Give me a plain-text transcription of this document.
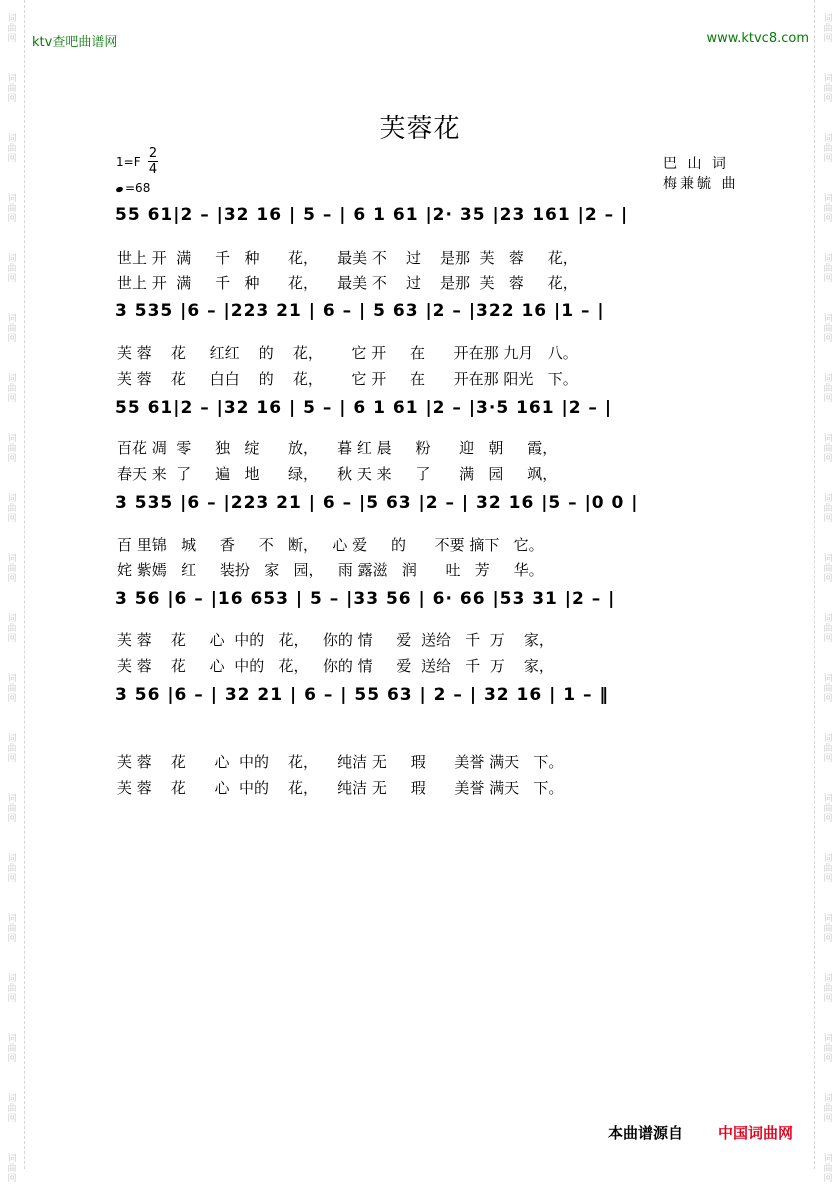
词
曲
网
词
曲
网
词
曲
网
词
曲
网
词
曲
网
词
曲
网
词
曲
网
词
曲
网
词
曲
网
词
曲
网
词
曲
网
词
曲
网
词
曲
网
词
曲
网
词
曲
网
词
曲
网
词
曲
网
词
曲
网
词
曲
网
词
曲
网
词
曲
网
词
曲
网
词
曲
网
词
曲
网
词
曲
网
词
曲
网
词
曲
网
词
曲
网
词
曲
网
词
曲
网
词
曲
网
词
曲
网
词
曲
网
词
曲
网
词
曲
网
词
曲
网
词
曲
网
词
曲
网
词
曲
网
词
曲
网
ktv查吧曲谱网	www.ktvc8.com
芙蓉花
1=F
2
4
=68
巴 山 词
梅兼毓 曲
55 61|2 – |32 16 | 5 – | 6 1 61 |2· 35 |23 161 |2 – |
世上 开  满     千   种      花，    最美 不    过    是那  芙   蓉     花，
世上 开  满     千   种      花，    最美 不    过    是那  芙   蓉     花，
3 535 |6 – |223 21 | 6 – | 5 63 |2 – |322 16 |1 – |
芙 蓉    花     红红    的    花，      它 开     在      开在那 九月   八。
芙 蓉    花     白白    的    花，      它 开     在      开在那 阳光   下。
55 61|2 – |32 16 | 5 – | 6 1 61 |2 – |3·5 161 |2 – |
百花 凋  零     独   绽      放，    暮 红 晨     粉      迎   朝     霞，
春天 来  了     遍   地      绿，    秋 天 来     了      满   园     飒，
3 535 |6 – |223 21 | 6 – |5 63 |2 – | 32 16 |5 – |0 0 |
百 里锦   城     香     不   断，   心 爱     的      不要 摘下   它。
姹 紫嫣   红     装扮   家   园，   雨 露滋   润      吐   芳     华。
3 56 |6 – |16 653 | 5 – |33 56 | 6· 66 |53 31 |2 – |
芙 蓉    花     心  中的   花，   你的 情     爱  送给   千  万    家，
芙 蓉    花     心  中的   花，   你的 情     爱  送给   千  万    家，
3 56 |6 – | 32 21 | 6 – | 55 63 | 2 – | 32 16 | 1 – ‖
芙 蓉    花      心  中的    花，    纯洁 无     瑕      美誉 满天   下。
芙 蓉    花      心  中的    花，    纯洁 无     瑕      美誉 满天   下。
本曲谱源自 中国词曲网
